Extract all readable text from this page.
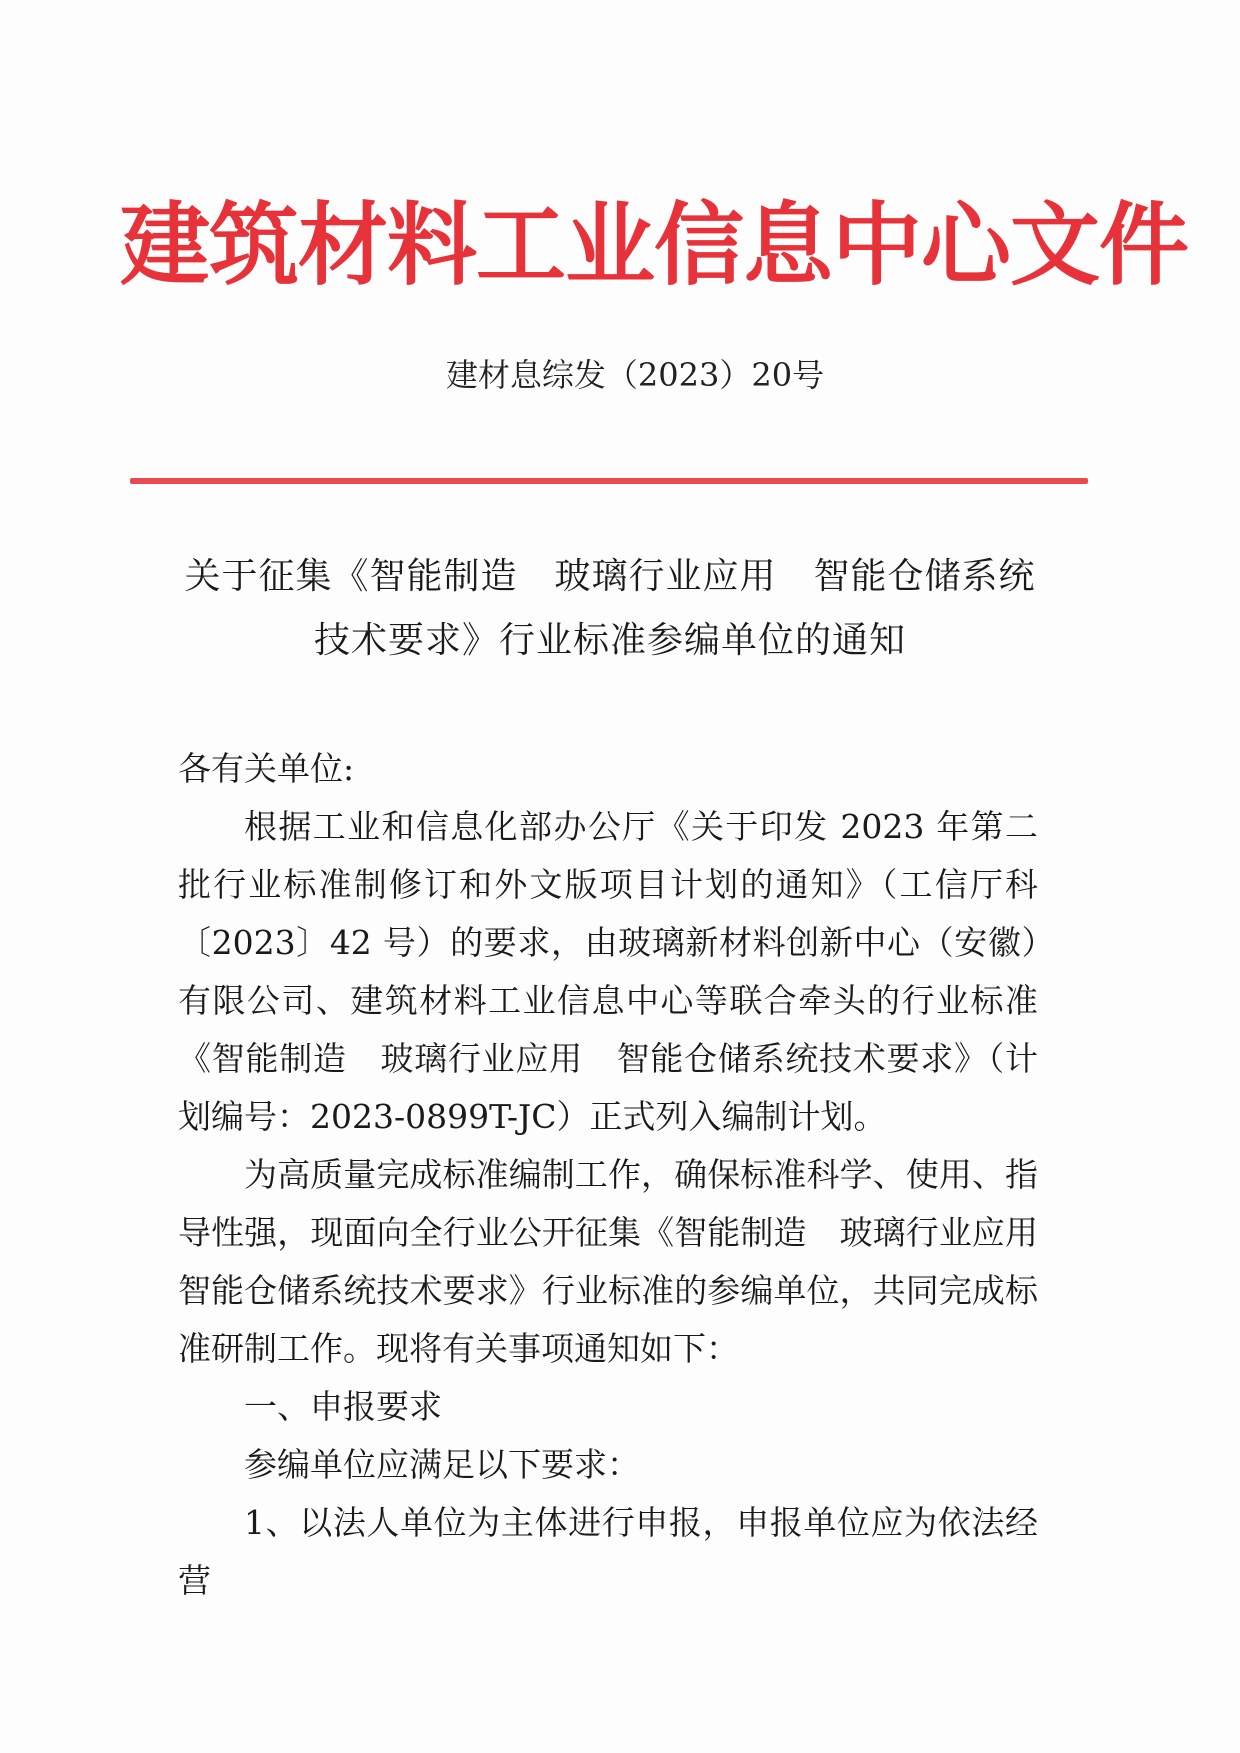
建筑材料工业信息中心文件
建材息综发（2023）20号
关于征集《智能制造　玻璃行业应用　智能仓储系统
技术要求》行业标准参编单位的通知

各有关单位:

根据工业和信息化部办公厅《关于印发 2023 年第二批行业标准制修订和外文版项目计划的通知》（工信厅科〔2023〕42 号）的要求，由玻璃新材料创新中心（安徽）有限公司、建筑材料工业信息中心等联合牵头的行业标准《智能制造　玻璃行业应用　智能仓储系统技术要求》（计划编号：2023-0899T-JC）正式列入编制计划。

为高质量完成标准编制工作，确保标准科学、使用、指导性强，现面向全行业公开征集《智能制造　玻璃行业应用　智能仓储系统技术要求》行业标准的参编单位，共同完成标准研制工作。现将有关事项通知如下：

一、申报要求

参编单位应满足以下要求：

1、以法人单位为主体进行申报，申报单位应为依法经营
